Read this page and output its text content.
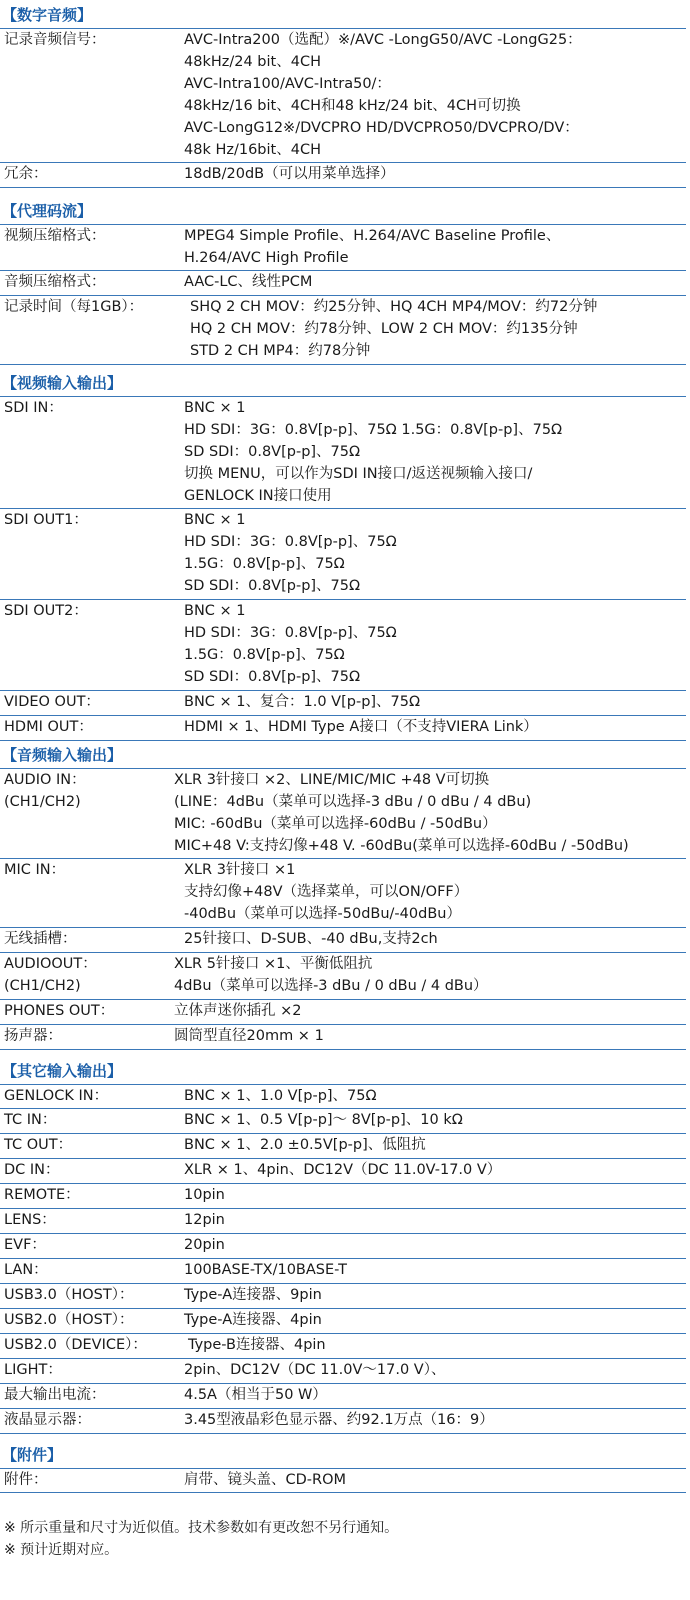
【数字音频】
记录音频信号：	AVC-Intra200（选配）※/AVC -LongG50/AVC -LongG25：
48kHz/24 bit、4CH
AVC-Intra100/AVC-Intra50/：
48kHz/16 bit、4CH和48 kHz/24 bit、4CH可切换
AVC-LongG12※/DVCPRO HD/DVCPRO50/DVCPRO/DV：
48k Hz/16bit、4CH
冗余：	18dB/20dB（可以用菜单选择）
【代理码流】
视频压缩格式：	MPEG4 Simple Profile、H.264/AVC Baseline Profile、
H.264/AVC High Profile
音频压缩格式：	AAC-LC、线性PCM
记录时间（每1GB）：	SHQ 2 CH MOV：约25分钟、HQ 4CH MP4/MOV：约72分钟
HQ 2 CH MOV：约78分钟、LOW 2 CH MOV：约135分钟
STD 2 CH MP4：约78分钟
【视频输入输出】
SDI IN：	BNC × 1
HD SDI：3G：0.8V[p-p]、75Ω 1.5G：0.8V[p-p]、75Ω
SD SDI：0.8V[p-p]、75Ω
切换 MENU，可以作为SDI IN接口/返送视频输入接口/
GENLOCK IN接口使用
SDI OUT1：	BNC × 1
HD SDI：3G：0.8V[p-p]、75Ω
1.5G：0.8V[p-p]、75Ω
SD SDI：0.8V[p-p]、75Ω
SDI OUT2：	BNC × 1
HD SDI：3G：0.8V[p-p]、75Ω
1.5G：0.8V[p-p]、75Ω
SD SDI：0.8V[p-p]、75Ω
VIDEO OUT：	BNC × 1、复合：1.0 V[p-p]、75Ω
HDMI OUT：	HDMI × 1、HDMI Type A接口（不支持VIERA Link）
【音频输入输出】
AUDIO IN：
(CH1/CH2)
XLR 3针接口 ×2、LINE/MIC/MIC +48 V可切换
(LINE：4dBu（菜单可以选择-3 dBu / 0 dBu / 4 dBu)
MIC: -60dBu（菜单可以选择-60dBu / -50dBu）
MIC+48 V:支持幻像+48 V. -60dBu(菜单可以选择-60dBu / -50dBu)
MIC IN：	XLR 3针接口 ×1
支持幻像+48V（选择菜单，可以ON/OFF）
-40dBu（菜单可以选择-50dBu/-40dBu）
无线插槽：	25针接口、D-SUB、-40 dBu,支持2ch
AUDIOOUT：
(CH1/CH2)
XLR 5针接口 ×1、平衡低阻抗
4dBu（菜单可以选择-3 dBu / 0 dBu / 4 dBu）
PHONES OUT：	立体声迷你插孔 ×2
扬声器：	圆筒型直径20mm × 1
【其它输入输出】
GENLOCK IN：	BNC × 1、1.0 V[p-p]、75Ω
TC IN：	BNC × 1、0.5 V[p-p]～ 8V[p-p]、10 kΩ
TC OUT：	BNC × 1、2.0 ±0.5V[p-p]、低阻抗
DC IN：	XLR × 1、4pin、DC12V（DC 11.0V-17.0 V）
REMOTE：	10pin
LENS：	12pin
EVF：	20pin
LAN：	100BASE-TX/10BASE-T
USB3.0（HOST）：	Type-A连接器、9pin
USB2.0（HOST）：	Type-A连接器、4pin
USB2.0（DEVICE）：	Type-B连接器、4pin
LIGHT：	2pin、DC12V（DC 11.0V～17.0 V）、
最大输出电流：	4.5A（相当于50 W）
液晶显示器：	3.45型液晶彩色显示器、约92.1万点（16：9）
【附件】
附件：	肩带、镜头盖、CD-ROM
※ 所示重量和尺寸为近似值。技术参数如有更改恕不另行通知。
※ 预计近期对应。
